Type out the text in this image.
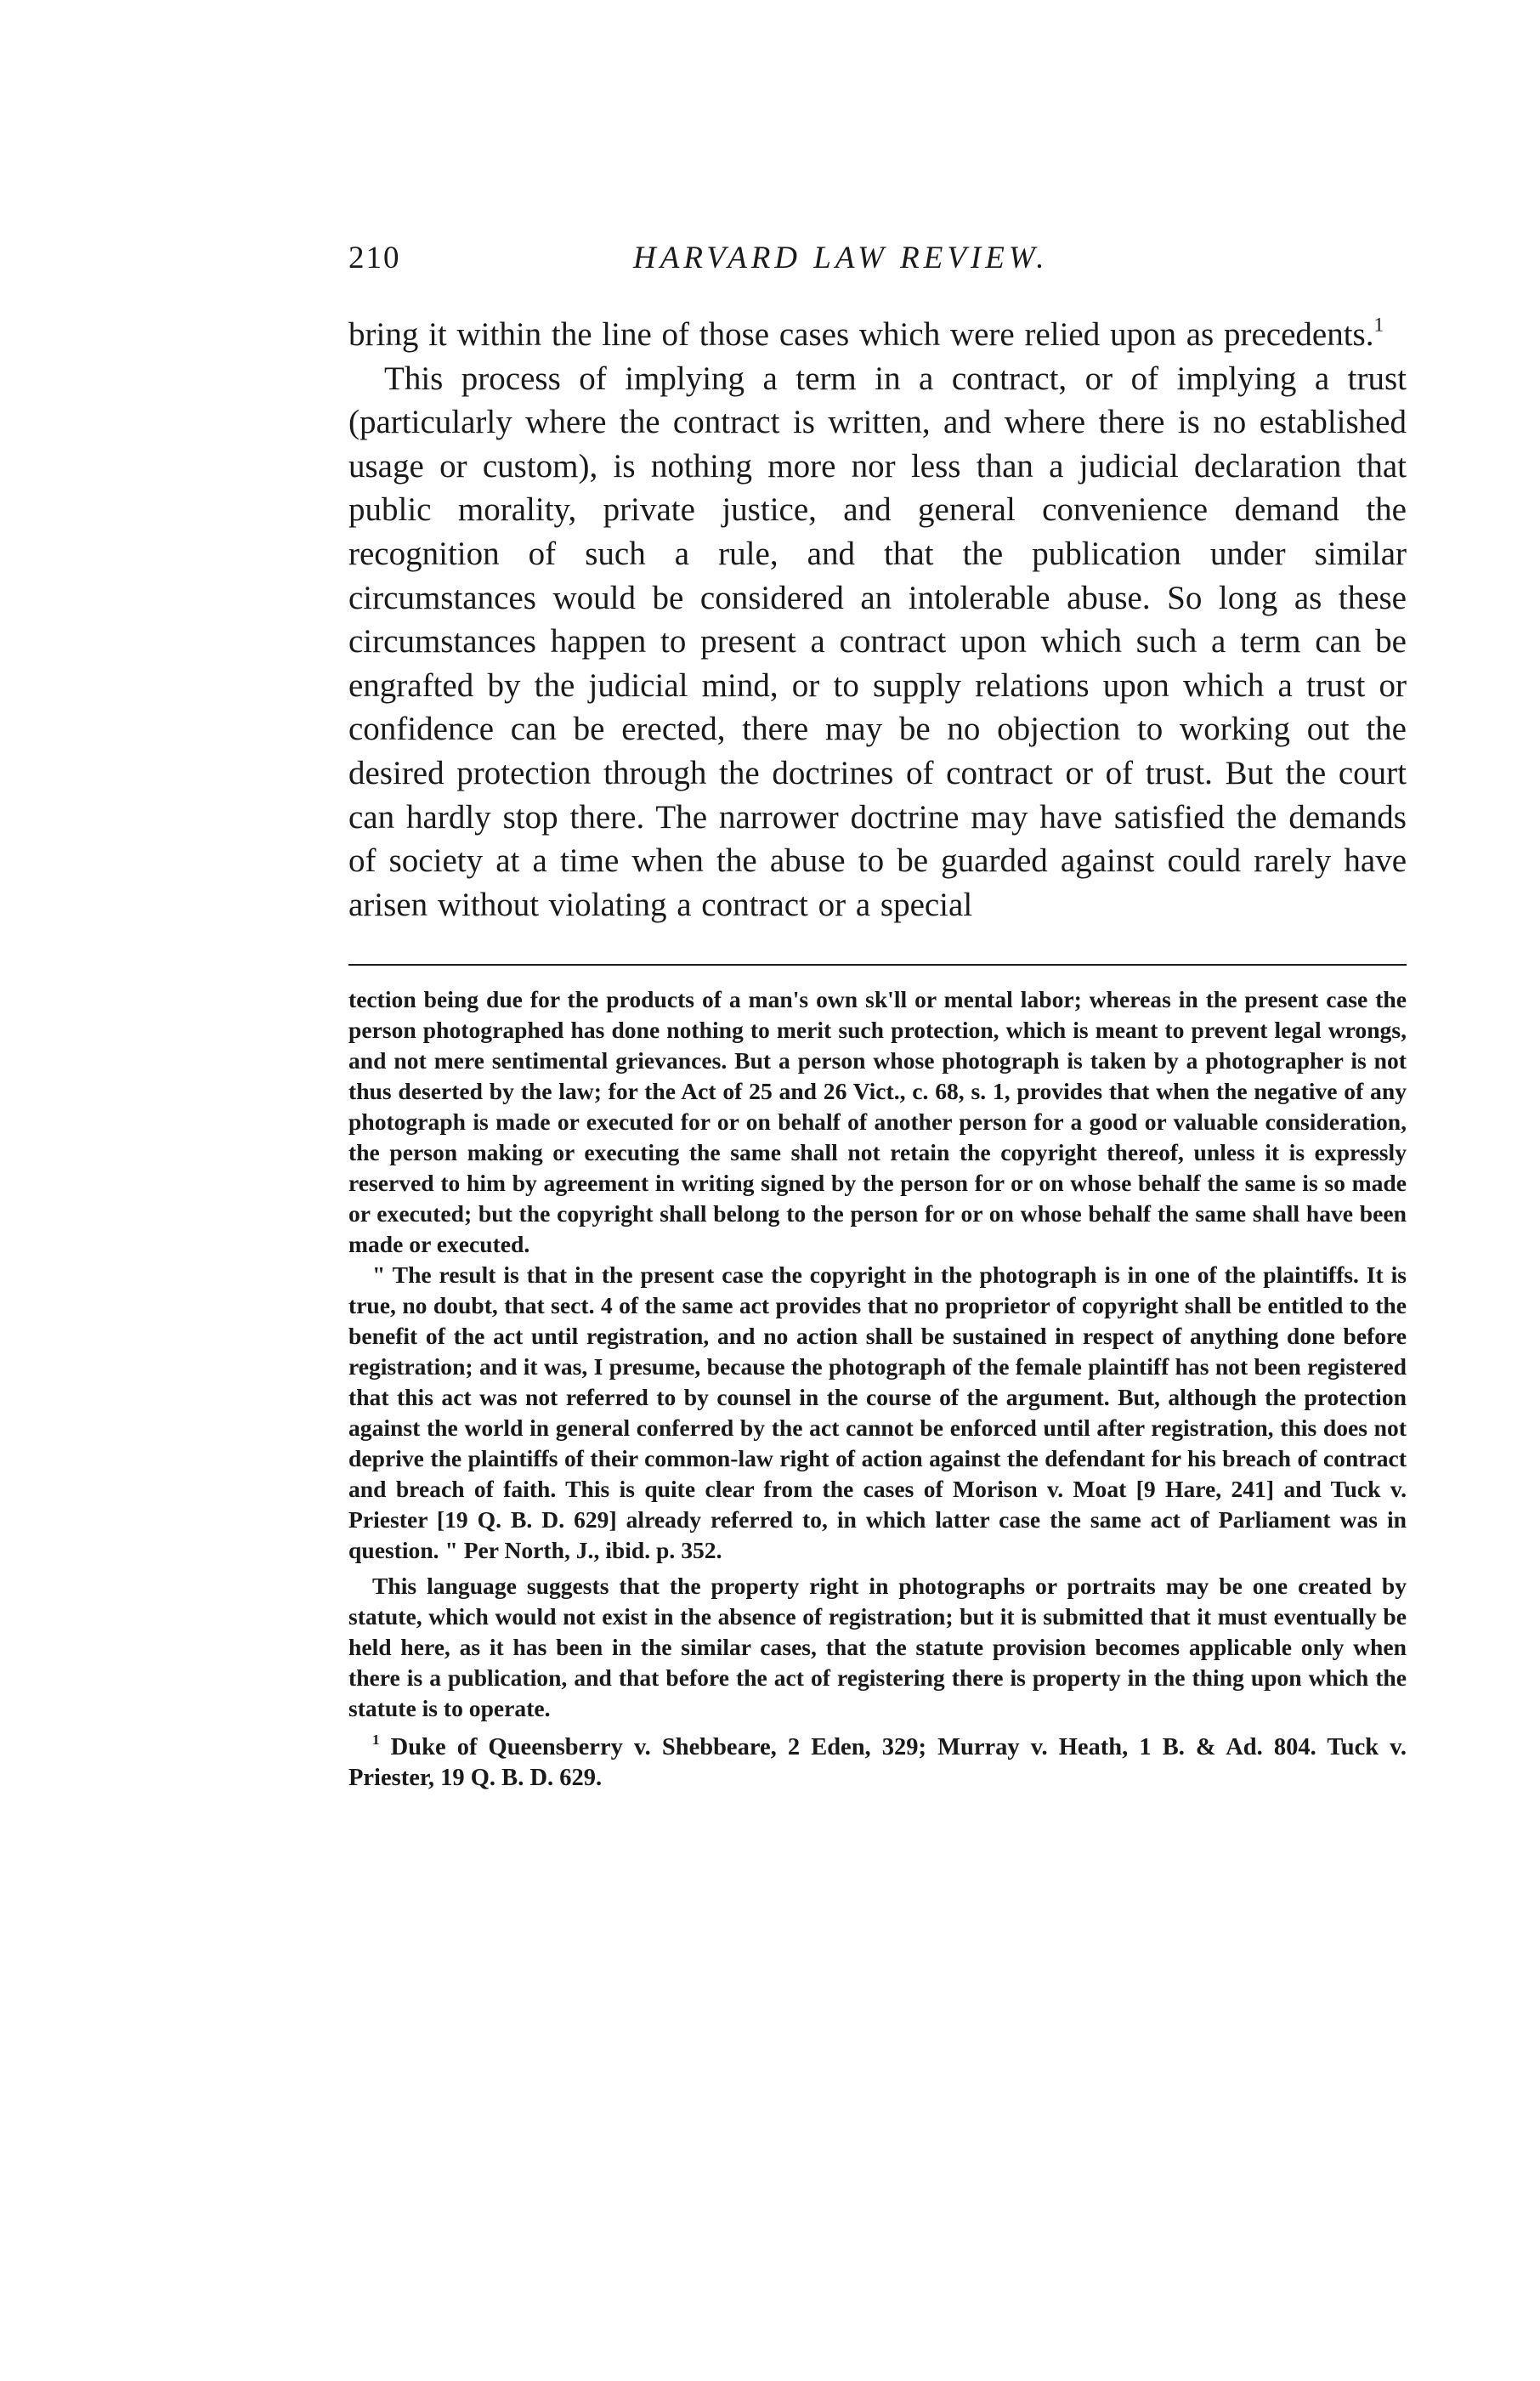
210	HARVARD LAW REVIEW.

bring it within the line of those cases which were relied upon as precedents.$^1$

This process of implying a term in a contract, or of implying a trust (particularly where the contract is written, and where there is no established usage or custom), is nothing more nor less than a judicial declaration that public morality, private justice, and general convenience demand the recognition of such a rule, and that the publication under similar circumstances would be considered an intolerable abuse. So long as these circumstances happen to present a contract upon which such a term can be engrafted by the judicial mind, or to supply relations upon which a trust or confidence can be erected, there may be no objection to working out the desired protection through the doctrines of contract or of trust. But the court can hardly stop there. The narrower doctrine may have satisfied the demands of society at a time when the abuse to be guarded against could rarely have arisen without violating a contract or a special

tection being due for the products of a man's own sk'll or mental labor; whereas in the present case the person photographed has done nothing to merit such protection, which is meant to prevent legal wrongs, and not mere sentimental grievances. But a person whose photograph is taken by a photographer is not thus deserted by the law; for the Act of 25 and 26 Vict., c. 68, s. 1, provides that when the negative of any photograph is made or executed for or on behalf of another person for a good or valuable consideration, the person making or executing the same shall not retain the copyright thereof, unless it is expressly reserved to him by agreement in writing signed by the person for or on whose behalf the same is so made or executed; but the copyright shall belong to the person for or on whose behalf the same shall have been made or executed.

" The result is that in the present case the copyright in the photograph is in one of the plaintiffs. It is true, no doubt, that sect. 4 of the same act provides that no proprietor of copyright shall be entitled to the benefit of the act until registration, and no action shall be sustained in respect of anything done before registration; and it was, I presume, because the photograph of the female plaintiff has not been registered that this act was not referred to by counsel in the course of the argument. But, although the protection against the world in general conferred by the act cannot be enforced until after registration, this does not deprive the plaintiffs of their common-law right of action against the defendant for his breach of contract and breach of faith. This is quite clear from the cases of Morison v. Moat [9 Hare, 241] and Tuck v. Priester [19 Q. B. D. 629] already referred to, in which latter case the same act of Parliament was in question. " Per North, J., ibid. p. 352.

This language suggests that the property right in photographs or portraits may be one created by statute, which would not exist in the absence of registration; but it is submitted that it must eventually be held here, as it has been in the similar cases, that the statute provision becomes applicable only when there is a publication, and that before the act of registering there is property in the thing upon which the statute is to operate.

$^1$ Duke of Queensberry v. Shebbeare, 2 Eden, 329; Murray v. Heath, 1 B. & Ad. 804. Tuck v. Priester, 19 Q. B. D. 629.
